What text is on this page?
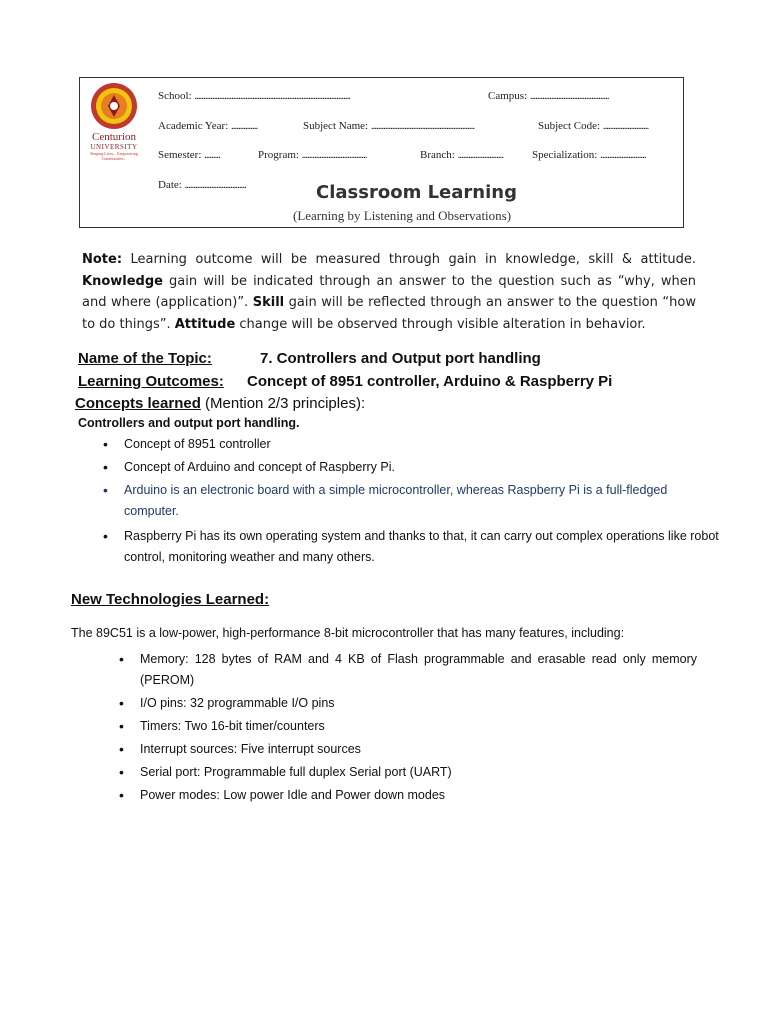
Centurion
UNIVERSITY
Shaping Lives... Empowering Communities...
School: .........................................................................................	Campus: .............................................
Academic Year: ...............	Subject Name: ...........................................................	Subject Code: ..........................
Semester: .........	Program: .....................................	Branch: ..........................	Specialization: ..........................
Date: ...................................	Classroom Learning
(Learning by Listening and Observations)
Note: Learning outcome will be measured through gain in knowledge, skill & attitude. Knowledge gain will be indicated through an answer to the question such as “why, when and where (application)”. Skill gain will be reflected through an answer to the question “how to do things”. Attitude change will be observed through visible alteration in behavior.
Name of the Topic:	7. Controllers and Output port handling
Learning Outcomes: Concept of 8951 controller, Arduino & Raspberry Pi
Concepts learned (Mention 2/3 principles):
Controllers and output port handling.
• Concept of 8951 controller
• Concept of Arduino and concept of Raspberry Pi.
• Arduino is an electronic board with a simple microcontroller, whereas Raspberry Pi is a full-fledged computer.
• Raspberry Pi has its own operating system and thanks to that, it can carry out complex operations like robot control, monitoring weather and many others.
New Technologies Learned:
The 89C51 is a low-power, high-performance 8-bit microcontroller that has many features, including:
• Memory: 128 bytes of RAM and 4 KB of Flash programmable and erasable read only memory (PEROM)
• I/O pins: 32 programmable I/O pins
• Timers: Two 16-bit timer/counters
• Interrupt sources: Five interrupt sources
• Serial port: Programmable full duplex Serial port (UART)
• Power modes: Low power Idle and Power down modes
